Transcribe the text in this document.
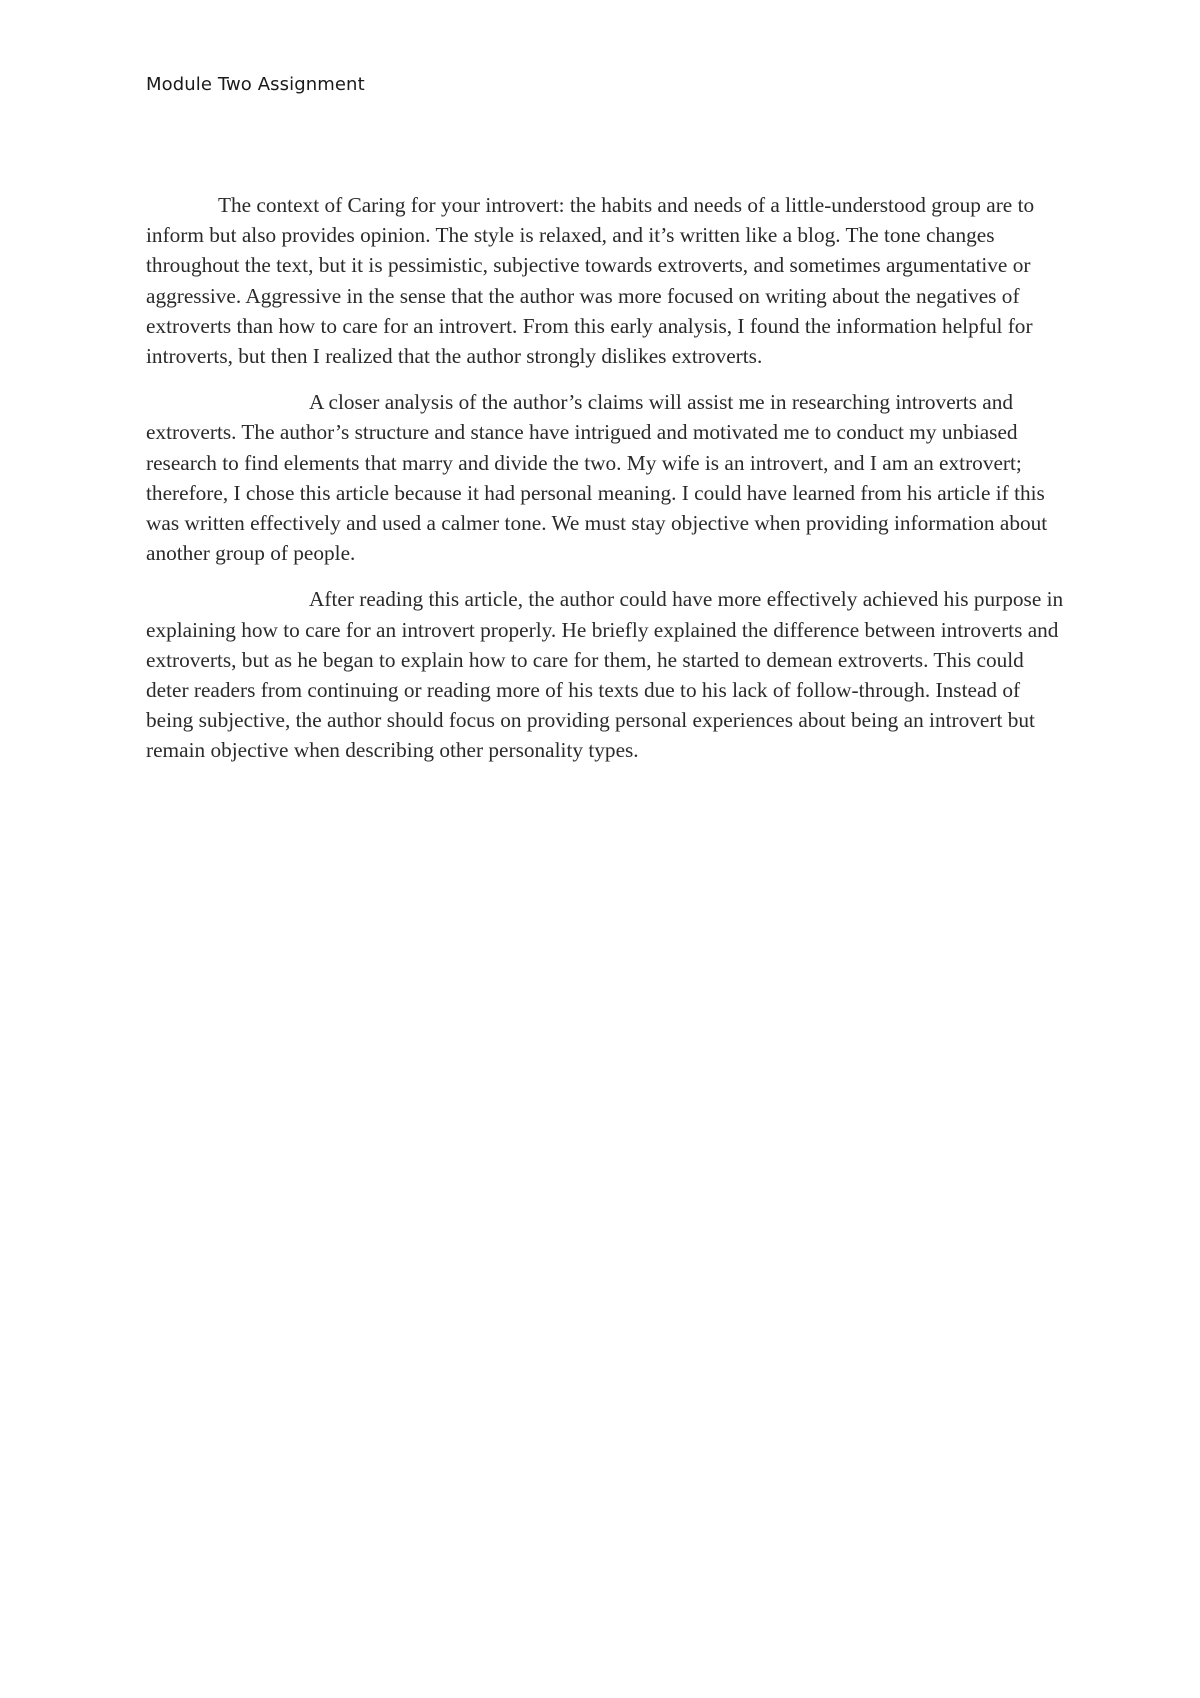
Module Two Assignment

The context of Caring for your introvert: the habits and needs of a little-understood group are to inform but also provides opinion. The style is relaxed, and it’s written like a blog. The tone changes throughout the text, but it is pessimistic, subjective towards extroverts, and sometimes argumentative or aggressive. Aggressive in the sense that the author was more focused on writing about the negatives of extroverts than how to care for an introvert. From this early analysis, I found the information helpful for introverts, but then I realized that the author strongly dislikes extroverts.

A closer analysis of the author’s claims will assist me in researching introverts and extroverts. The author’s structure and stance have intrigued and motivated me to conduct my unbiased research to find elements that marry and divide the two. My wife is an introvert, and I am an extrovert; therefore, I chose this article because it had personal meaning. I could have learned from his article if this was written effectively and used a calmer tone. We must stay objective when providing information about another group of people.

After reading this article, the author could have more effectively achieved his purpose in explaining how to care for an introvert properly. He briefly explained the difference between introverts and extroverts, but as he began to explain how to care for them, he started to demean extroverts. This could deter readers from continuing or reading more of his texts due to his lack of follow-through. Instead of being subjective, the author should focus on providing personal experiences about being an introvert but remain objective when describing other personality types.
